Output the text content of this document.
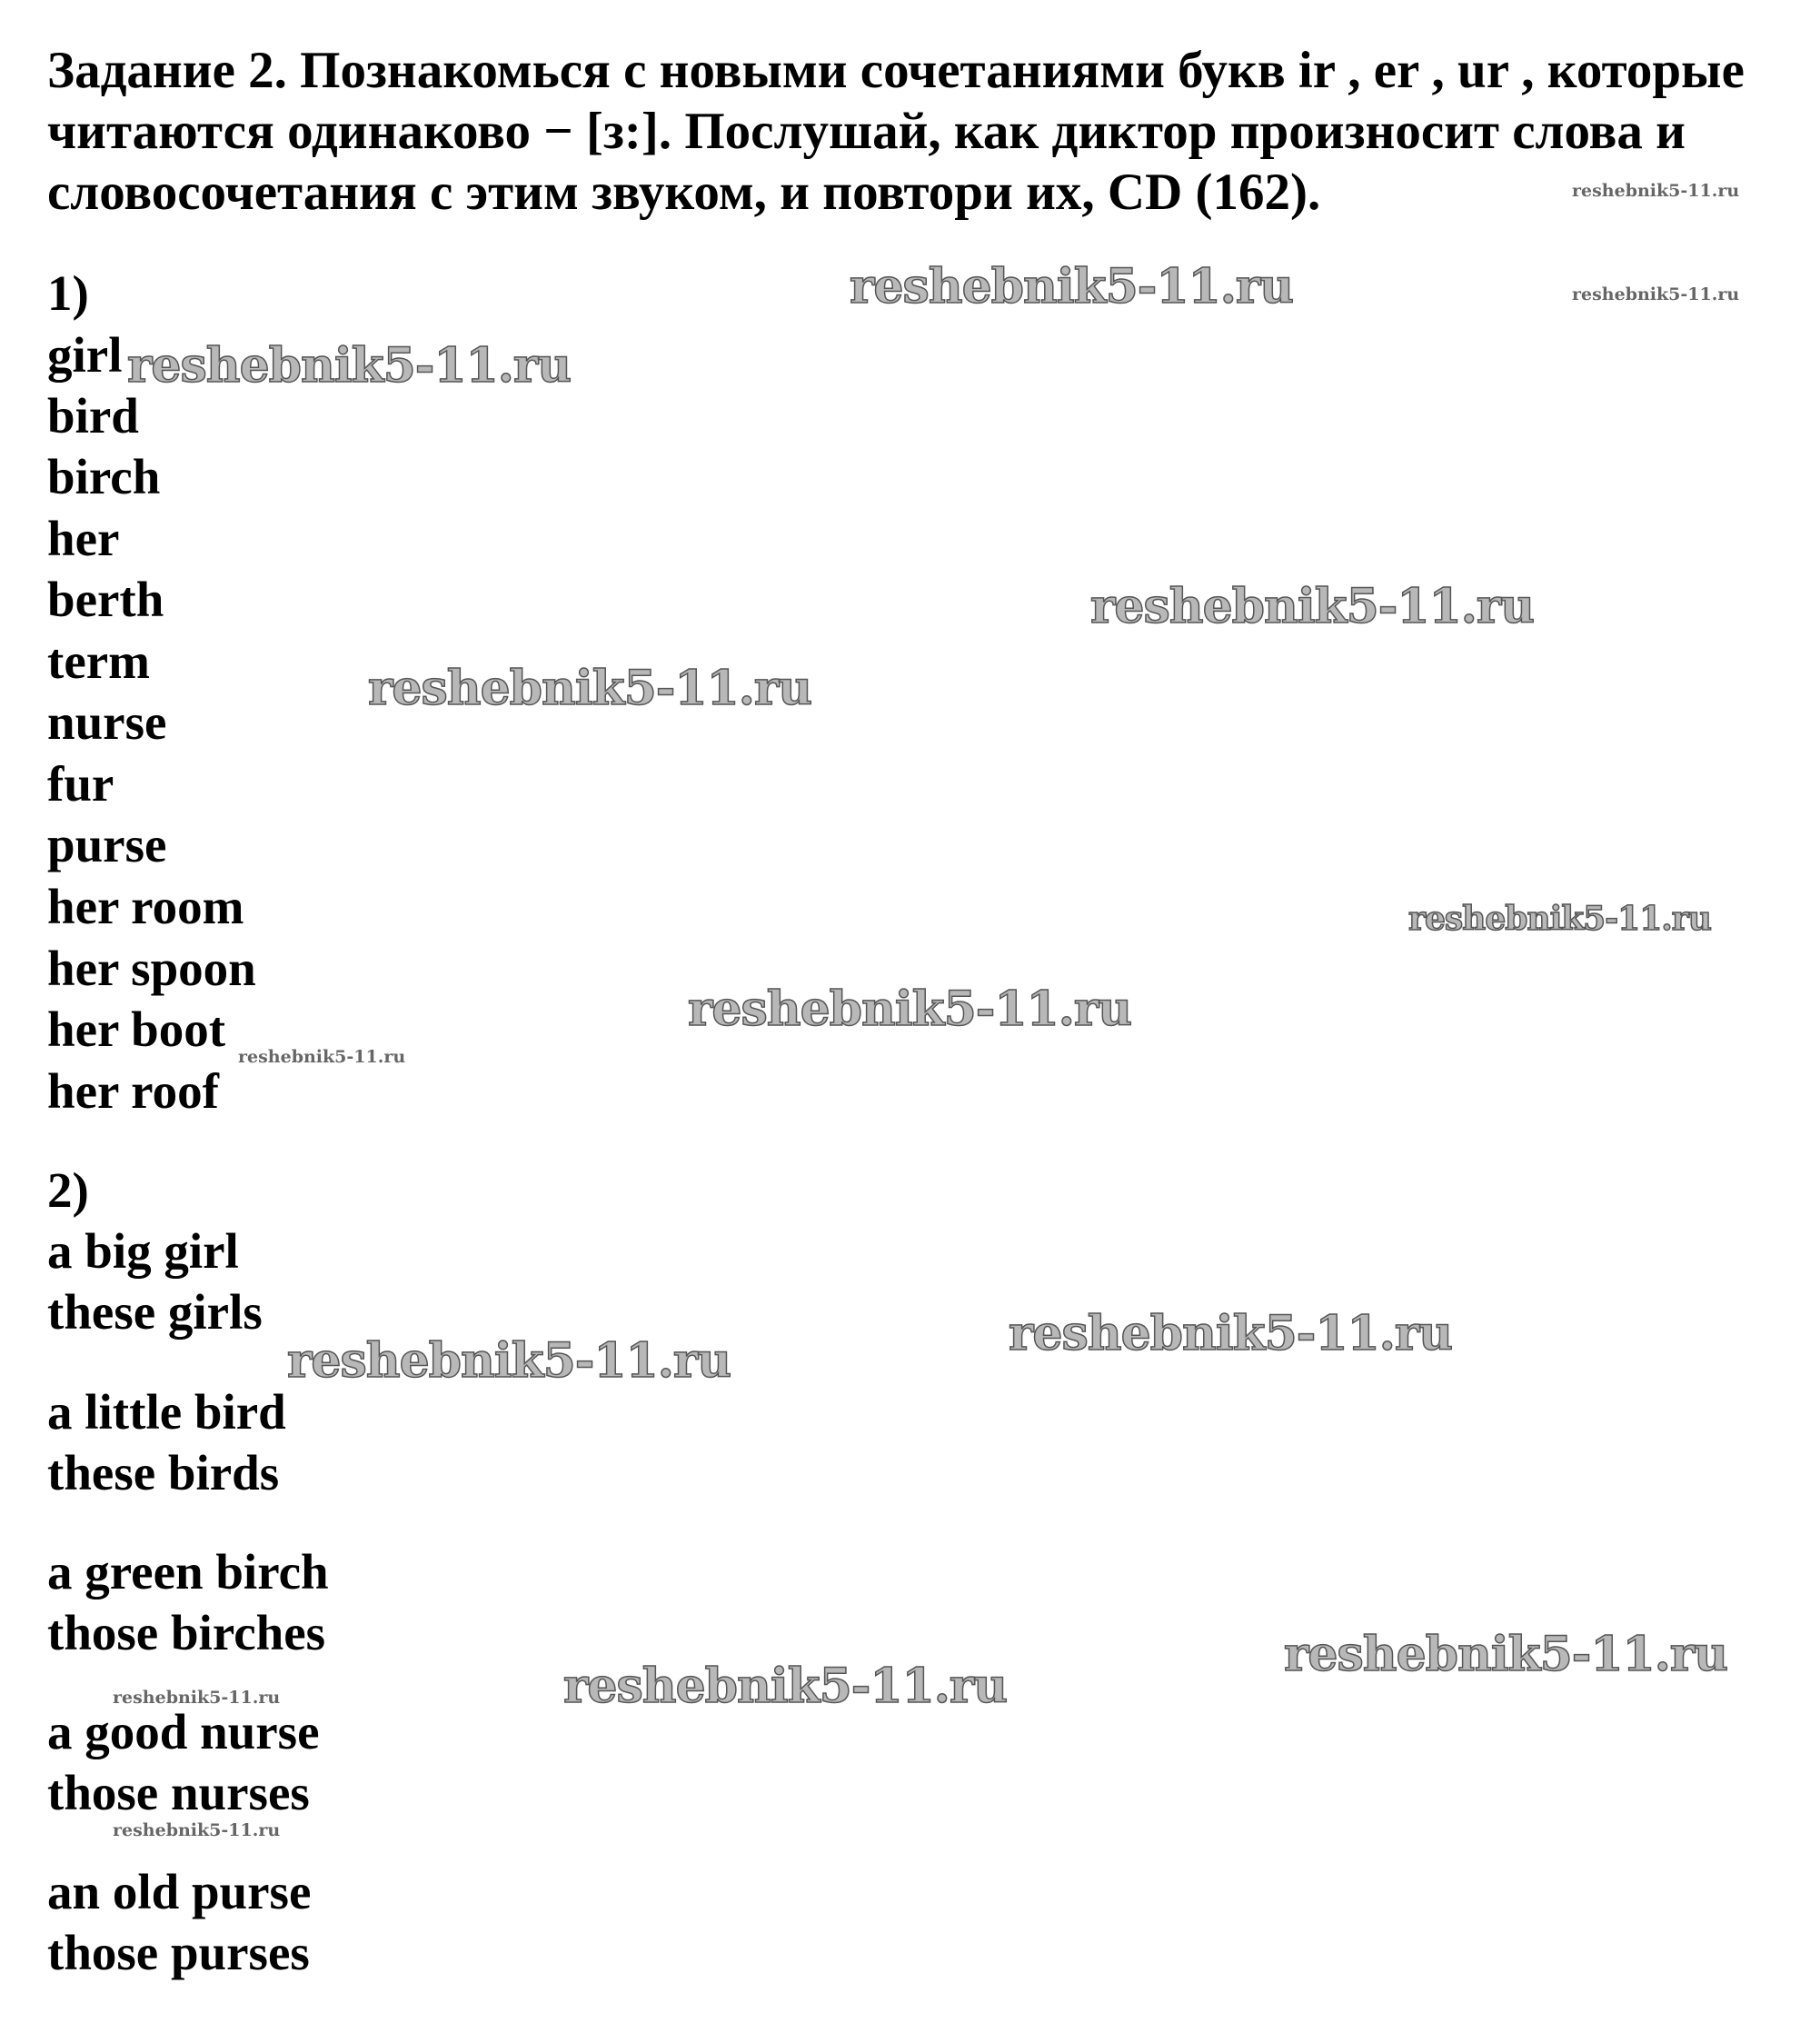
Задание 2. Познакомься с новыми сочетаниями букв ir , er , ur , которые
читаются одинаково − [з:]. Послушай, как диктор произносит слова и
словосочетания с этим звуком, и повтори их, CD (162).
1)
girl
bird
birch
her
berth
term
nurse
fur
purse
her room
her spoon
her boot
her roof
2)
a big girl
these girls
a little bird
these birds
a green birch
those birches
a good nurse
those nurses
an old purse
those purses
reshebnik5-11.ru
reshebnik5-11.ru
reshebnik5-11.ru
reshebnik5-11.ru
reshebnik5-11.ru
reshebnik5-11.ru
reshebnik5-11.ru
reshebnik5-11.ru
reshebnik5-11.ru
reshebnik5-11.ru
reshebnik5-11.ru
reshebnik5-11.ru
reshebnik5-11.ru
reshebnik5-11.ru
reshebnik5-11.ru
